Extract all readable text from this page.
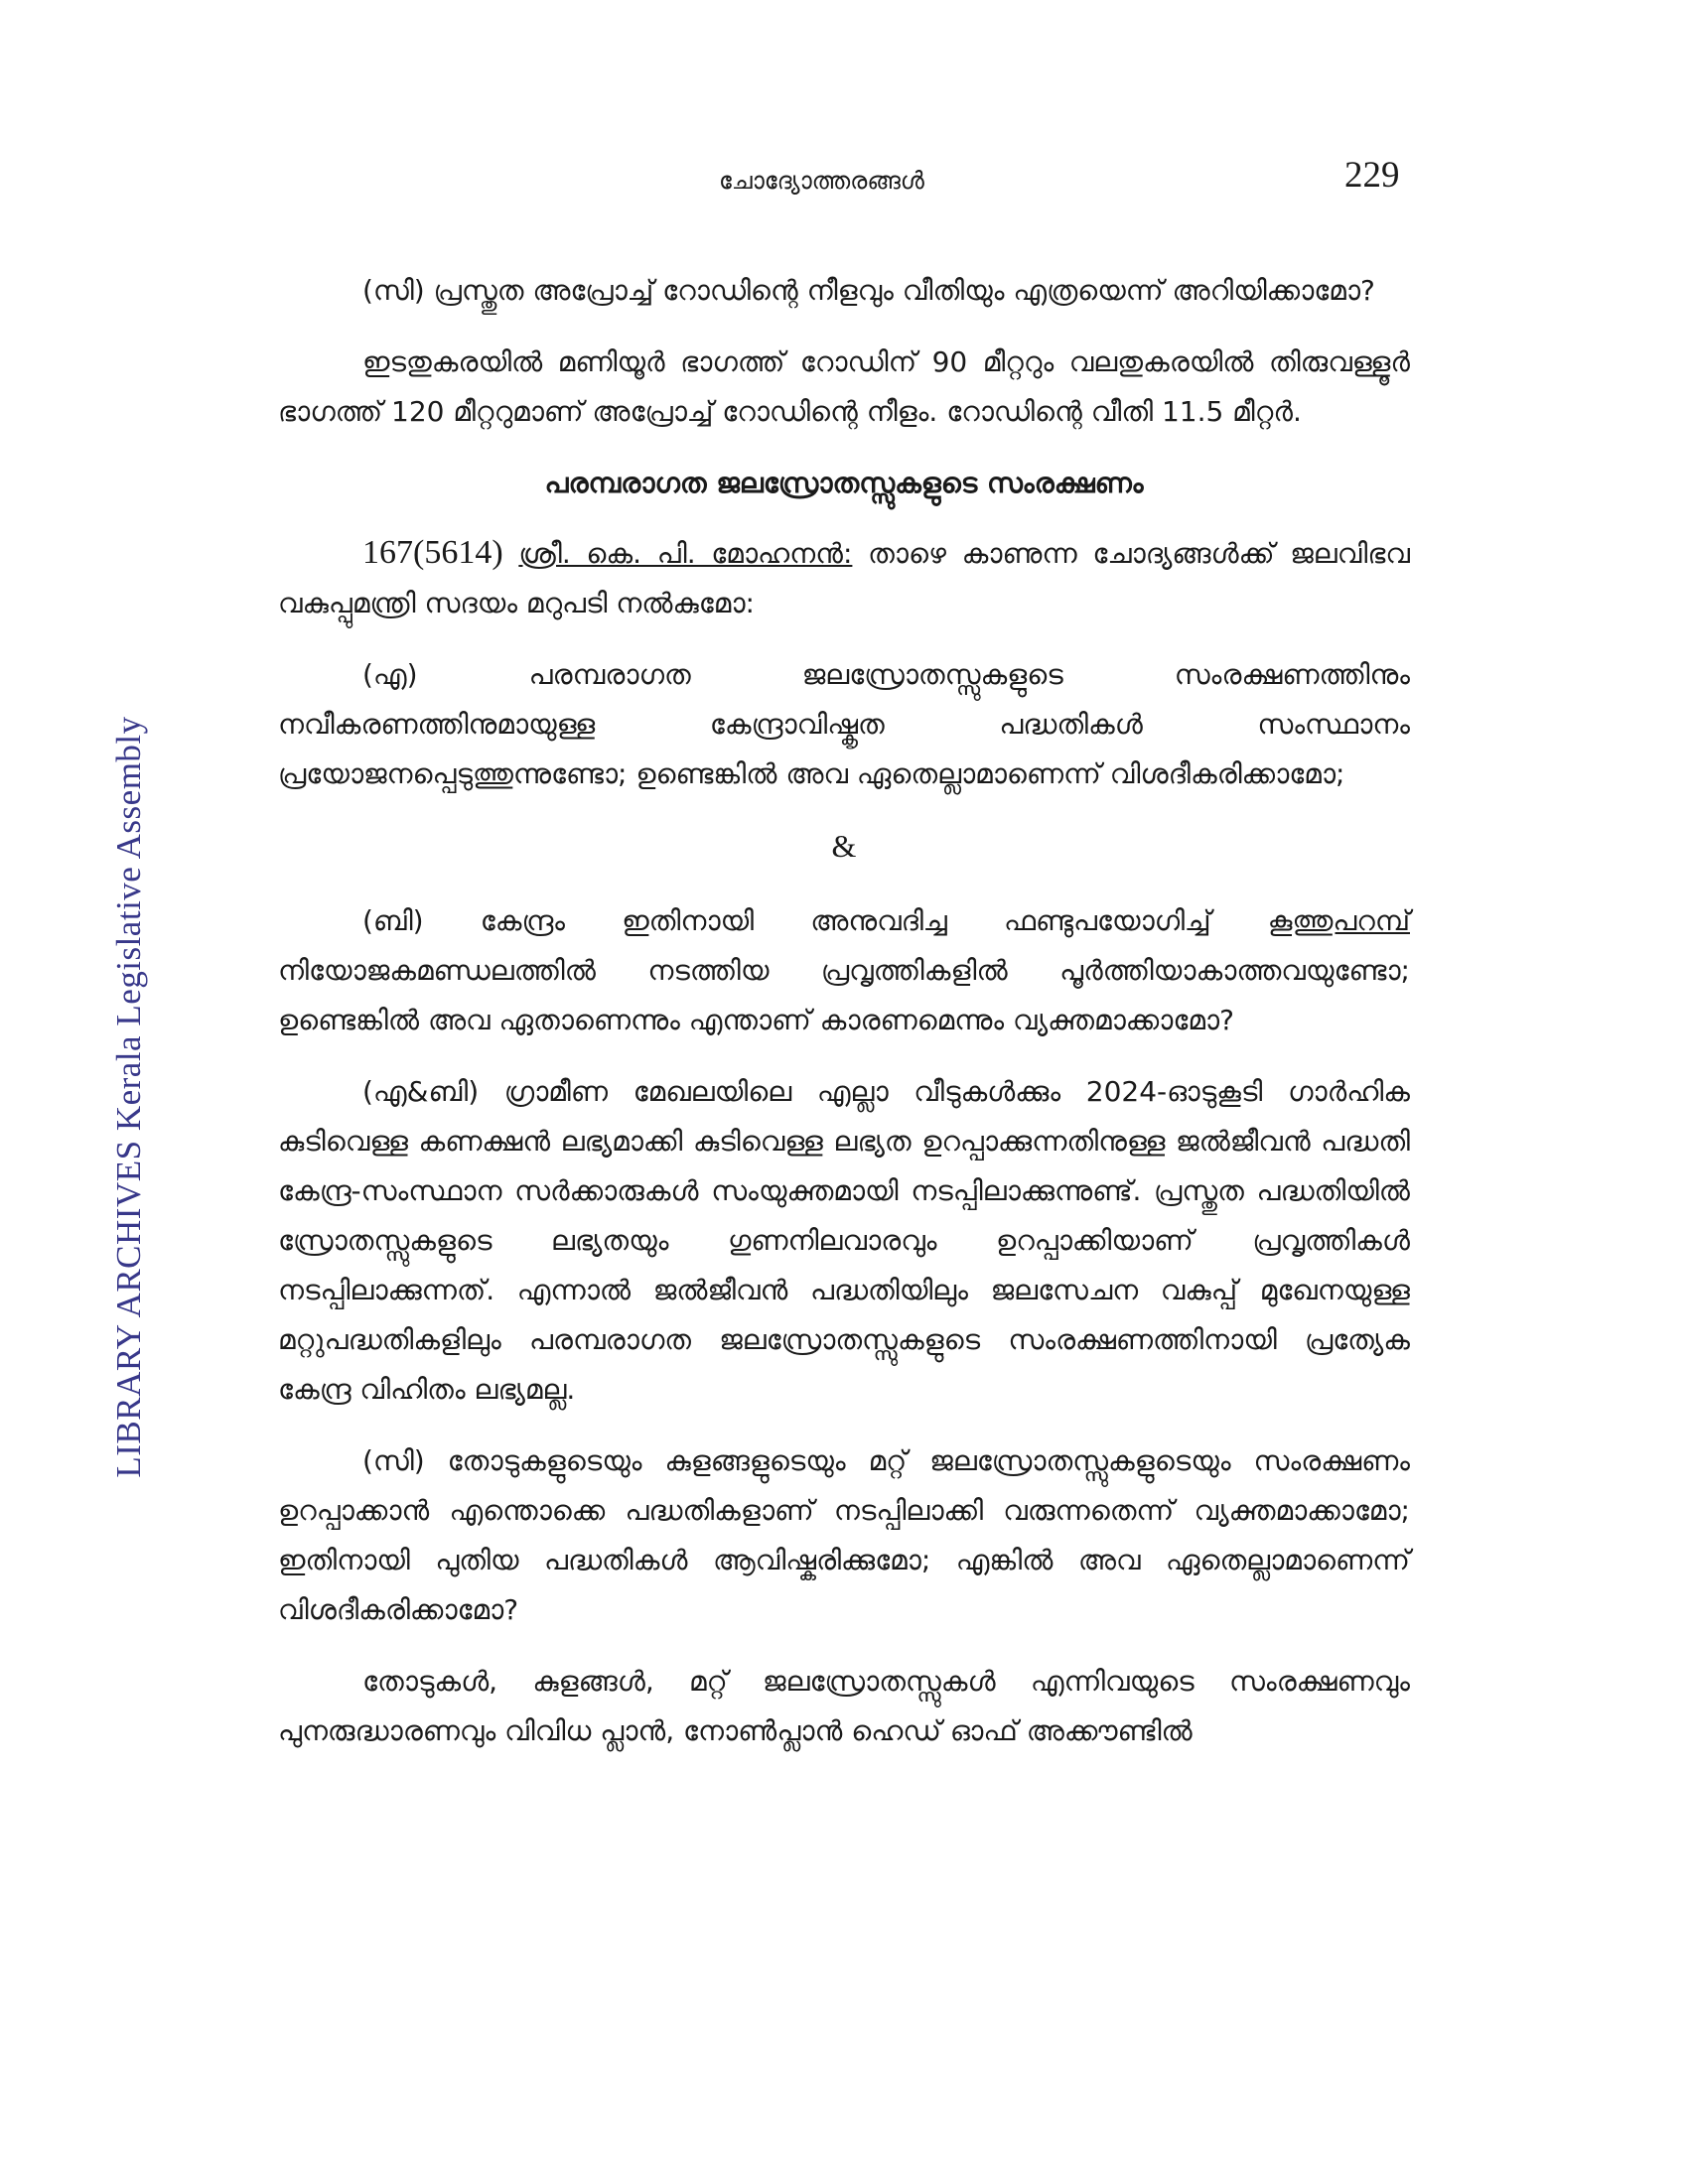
LIBRARY ARCHIVES Kerala Legislative Assembly
ചോദ്യോത്തരങ്ങൾ	229

(സി) പ്രസ്തുത അപ്രോച്ച് റോഡിന്റെ നീളവും വീതിയും എത്രയെന്ന് അറിയിക്കാമോ?

ഇടതുകരയിൽ മണിയൂർ ഭാഗത്ത് റോഡിന് 90 മീറ്ററും വലതുകരയിൽ തിരുവള്ളൂർ ഭാഗത്ത് 120 മീറ്ററുമാണ് അപ്രോച്ച് റോഡിന്റെ നീളം. റോഡിന്റെ വീതി 11.5 മീറ്റർ.

പരമ്പരാഗത ജലസ്രോതസ്സുകളുടെ സംരക്ഷണം

167(5614) ശ്രീ. കെ. പി. മോഹനൻ: താഴെ കാണുന്ന ചോദ്യങ്ങൾക്ക് ജലവിഭവ വകുപ്പുമന്ത്രി സദയം മറുപടി നൽകുമോ:

(എ) പരമ്പരാഗത ജലസ്രോതസ്സുകളുടെ സംരക്ഷണത്തിനും നവീകരണത്തിനുമായുള്ള കേന്ദ്രാവിഷ്കൃത പദ്ധതികൾ സംസ്ഥാനം പ്രയോജനപ്പെടുത്തുന്നുണ്ടോ; ഉണ്ടെങ്കിൽ അവ ഏതെല്ലാമാണെന്ന് വിശദീകരിക്കാമോ;

&

(ബി) കേന്ദ്രം ഇതിനായി അനുവദിച്ച ഫണ്ടുപയോഗിച്ച് കൂത്തുപറമ്പ് നിയോജകമണ്ഡലത്തിൽ നടത്തിയ പ്രവൃത്തികളിൽ പൂർത്തിയാകാത്തവയുണ്ടോ; ഉണ്ടെങ്കിൽ അവ ഏതാണെന്നും എന്താണ് കാരണമെന്നും വ്യക്തമാക്കാമോ?

(എ&ബി) ഗ്രാമീണ മേഖലയിലെ എല്ലാ വീടുകൾക്കും 2024-ഓടുകൂടി ഗാർഹിക കുടിവെള്ള കണക്ഷൻ ലഭ്യമാക്കി കുടിവെള്ള ലഭ്യത ഉറപ്പാക്കുന്നതിനുള്ള ജൽജീവൻ പദ്ധതി കേന്ദ്ര-സംസ്ഥാന സർക്കാരുകൾ സംയുക്തമായി നടപ്പിലാക്കുന്നുണ്ട്. പ്രസ്തുത പദ്ധതിയിൽ സ്രോതസ്സുകളുടെ ലഭ്യതയും ഗുണനിലവാരവും ഉറപ്പാക്കിയാണ് പ്രവൃത്തികൾ നടപ്പിലാക്കുന്നത്. എന്നാൽ ജൽജീവൻ പദ്ധതിയിലും ജലസേചന വകുപ്പ് മുഖേനയുള്ള മറ്റുപദ്ധതികളിലും പരമ്പരാഗത ജലസ്രോതസ്സുകളുടെ സംരക്ഷണത്തിനായി പ്രത്യേക കേന്ദ്ര വിഹിതം ലഭ്യമല്ല.

(സി) തോടുകളുടെയും കുളങ്ങളുടെയും മറ്റ് ജലസ്രോതസ്സുകളുടെയും സംരക്ഷണം ഉറപ്പാക്കാൻ എന്തൊക്കെ പദ്ധതികളാണ് നടപ്പിലാക്കി വരുന്നതെന്ന് വ്യക്തമാക്കാമോ; ഇതിനായി പുതിയ പദ്ധതികൾ ആവിഷ്കരിക്കുമോ; എങ്കിൽ അവ ഏതെല്ലാമാണെന്ന് വിശദീകരിക്കാമോ?

തോടുകൾ, കുളങ്ങൾ, മറ്റ് ജലസ്രോതസ്സുകൾ എന്നിവയുടെ സംരക്ഷണവും പുനരുദ്ധാരണവും വിവിധ പ്ലാൻ, നോൺപ്ലാൻ ഹെഡ് ഓഫ് അക്കൗണ്ടിൽ
